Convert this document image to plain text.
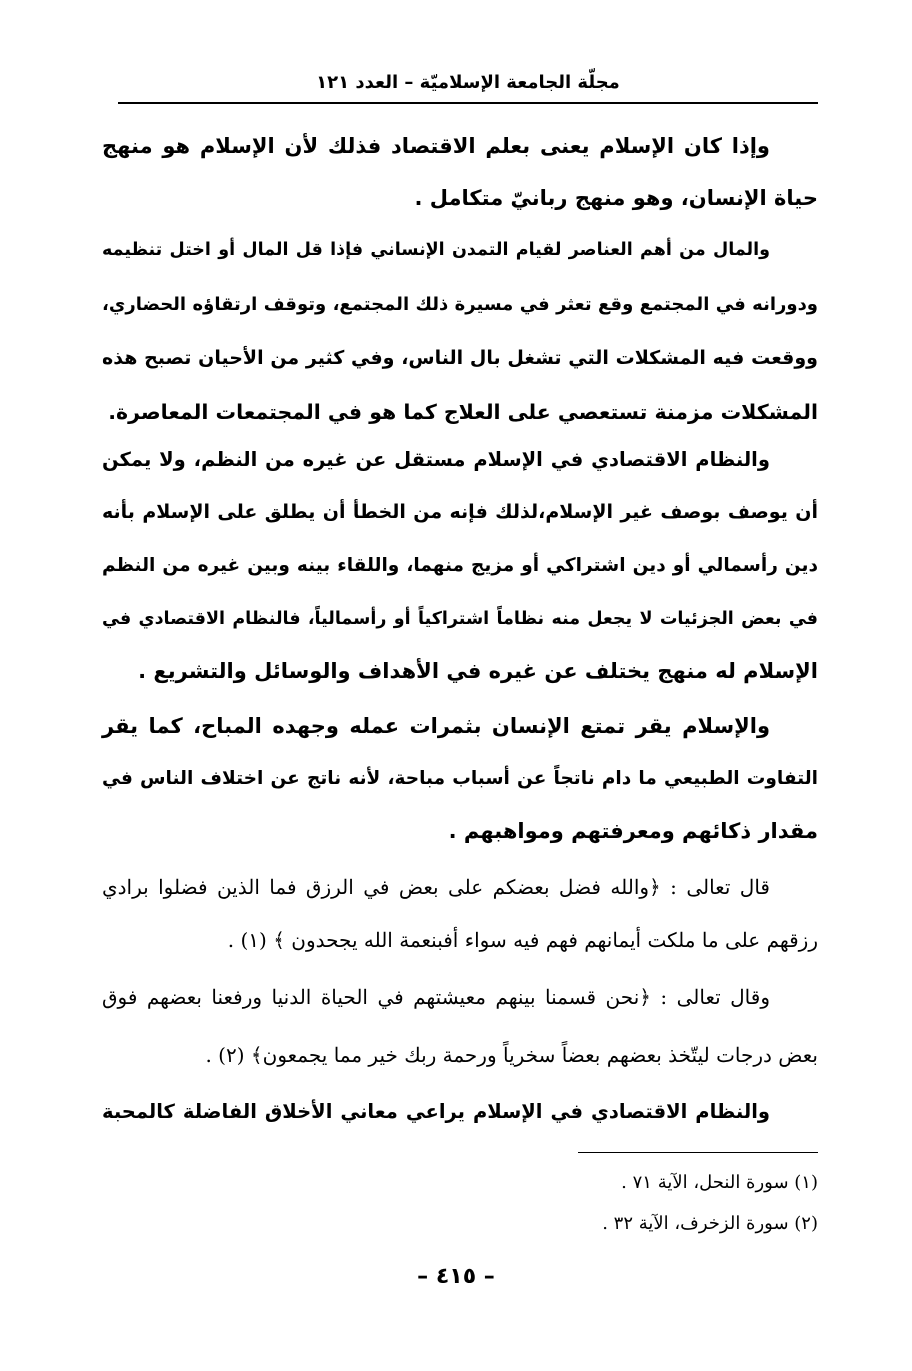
مجلّة الجامعة الإسلاميّة – العدد ١٢١
وإذا كان الإسلام يعنى بعلم الاقتصاد فذلك لأن الإسلام هو منهج
حياة الإنسان، وهو منهج ربانيّ متكامل .
والمال من أهم العناصر لقيام التمدن الإنساني فإذا قل المال أو اختل تنظيمه
ودورانه في المجتمع وقع تعثر في مسيرة ذلك المجتمع، وتوقف ارتقاؤه الحضاري،
ووقعت فيه المشكلات التي تشغل بال الناس، وفي كثير من الأحيان تصبح هذه
المشكلات مزمنة تستعصي على العلاج كما هو في المجتمعات المعاصرة.
والنظام الاقتصادي في الإسلام مستقل عن غيره من النظم، ولا يمكن
أن يوصف بوصف غير الإسلام،لذلك فإنه من الخطأ أن يطلق على الإسلام بأنه
دين رأسمالي أو دين اشتراكي أو مزيج منهما، واللقاء بينه وبين غيره من النظم
في بعض الجزئيات لا يجعل منه نظاماً اشتراكياً أو رأسمالياً، فالنظام الاقتصادي في
الإسلام له منهج يختلف عن غيره في الأهداف والوسائل والتشريع .
والإسلام يقر تمتع الإنسان بثمرات عمله وجهده المباح، كما يقر
التفاوت الطبيعي ما دام ناتجاً عن أسباب مباحة، لأنه ناتج عن اختلاف الناس في
مقدار ذكائهم ومعرفتهم ومواهبهم .
قال تعالى : ﴿والله فضل بعضكم على بعض في الرزق فما الذين فضلوا برادي
رزقهم على ما ملكت أيمانهم فهم فيه سواء أفبنعمة الله يجحدون ﴾ (١) .
وقال تعالى : ﴿نحن قسمنا بينهم معيشتهم في الحياة الدنيا ورفعنا بعضهم فوق
بعض درجات ليتّخذ بعضهم بعضاً سخرياً ورحمة ربك خير مما يجمعون﴾ (٢) .
والنظام الاقتصادي في الإسلام يراعي معاني الأخلاق الفاضلة كالمحبة
(١) سورة النحل، الآية ٧١ .
(٢) سورة الزخرف، الآية ٣٢ .
– ٤١٥ –
